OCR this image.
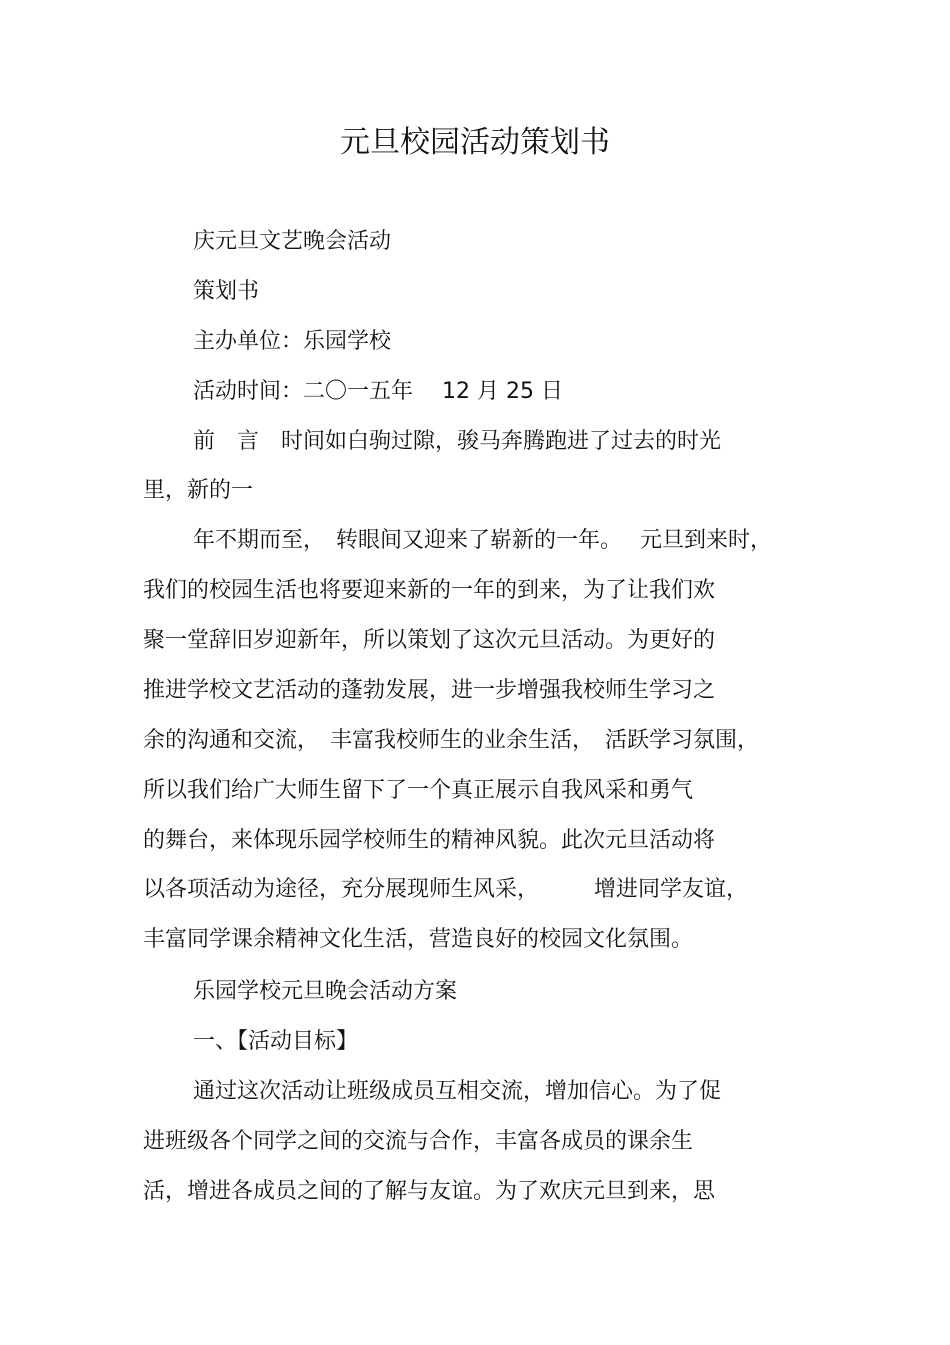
元旦校园活动策划书

庆元旦文艺晚会活动

策划书

主办单位：乐园学校

活动时间：二〇一五年　 12 月 25 日

前　言　时间如白驹过隙，骏马奔腾跑进了过去的时光

里，新的一

年不期而至，　转眼间又迎来了崭新的一年。　 元旦到来时，

我们的校园生活也将要迎来新的一年的到来，为了让我们欢

聚一堂辞旧岁迎新年，所以策划了这次元旦活动。为更好的

推进学校文艺活动的蓬勃发展，进一步增强我校师生学习之

余的沟通和交流，　丰富我校师生的业余生活，　活跃学习氛围，

所以我们给广大师生留下了一个真正展示自我风采和勇气

的舞台，来体现乐园学校师生的精神风貌。此次元旦活动将

以各项活动为途径，充分展现师生风采，　　　增进同学友谊，

丰富同学课余精神文化生活，营造良好的校园文化氛围。

乐园学校元旦晚会活动方案

一、【活动目标】

通过这次活动让班级成员互相交流，增加信心。为了促

进班级各个同学之间的交流与合作，丰富各成员的课余生

活，增进各成员之间的了解与友谊。为了欢庆元旦到来，思
